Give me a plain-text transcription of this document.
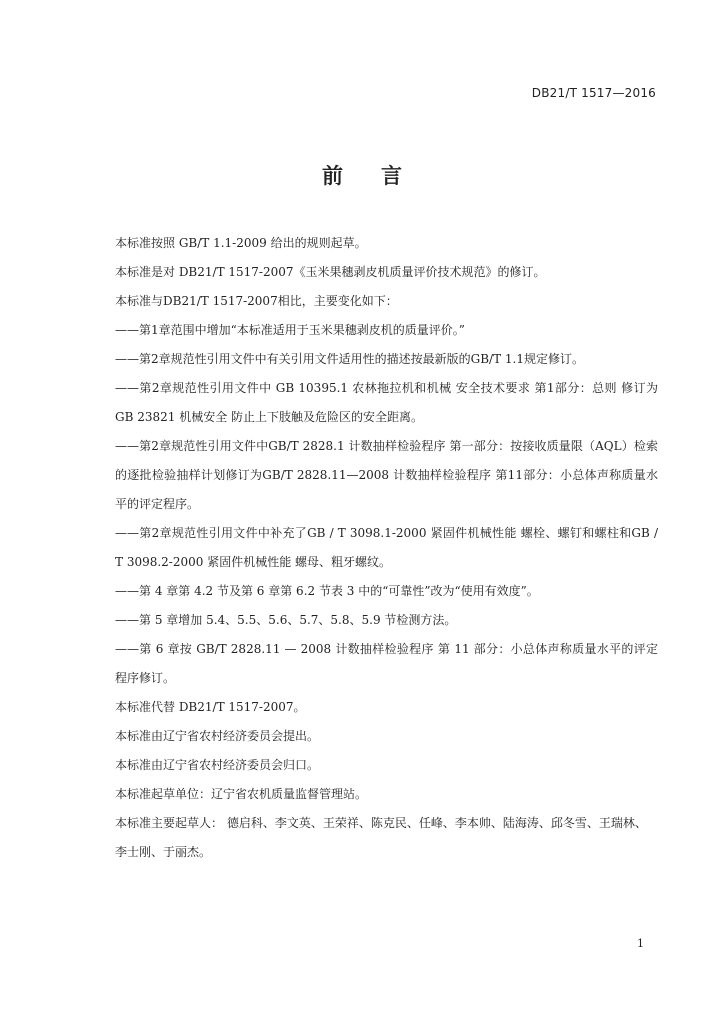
DB21/T 1517—2016
前言

本标准按照 GB/T 1.1-2009 给出的规则起草。

本标准是对 DB21/T 1517-2007《玉米果穗剥皮机质量评价技术规范》的修订。

本标准与DB21/T 1517-2007相比，主要变化如下：

——第1章范围中增加“本标准适用于玉米果穗剥皮机的质量评价。”

——第2章规范性引用文件中有关引用文件适用性的描述按最新版的GB/T 1.1规定修订。

——第2章规范性引用文件中 GB 10395.1 农林拖拉机和机械 安全技术要求 第1部分：总则 修订为GB 23821 机械安全 防止上下肢触及危险区的安全距离。

——第2章规范性引用文件中GB/T 2828.1 计数抽样检验程序 第一部分：按接收质量限（AQL）检索的逐批检验抽样计划修订为GB/T 2828.11—2008 计数抽样检验程序 第11部分：小总体声称质量水平的评定程序。

——第2章规范性引用文件中补充了GB / T 3098.1-2000 紧固件机械性能 螺栓、螺钉和螺柱和GB / T 3098.2-2000 紧固件机械性能 螺母、粗牙螺纹。

——第 4 章第 4.2 节及第 6 章第 6.2 节表 3 中的“可靠性”改为“使用有效度”。

——第 5 章增加 5.4、5.5、5.6、5.7、5.8、5.9 节检测方法。

——第 6 章按 GB/T 2828.11 — 2008 计数抽样检验程序 第 11 部分：小总体声称质量水平的评定程序修订。

本标准代替 DB21/T 1517-2007。

本标准由辽宁省农村经济委员会提出。

本标准由辽宁省农村经济委员会归口。

本标准起草单位：辽宁省农机质量监督管理站。

本标准主要起草人： 德启科、李文英、王荣祥、陈克民、任峰、李本帅、陆海涛、邱冬雪、王瑞林、李士刚、于丽杰。

1
